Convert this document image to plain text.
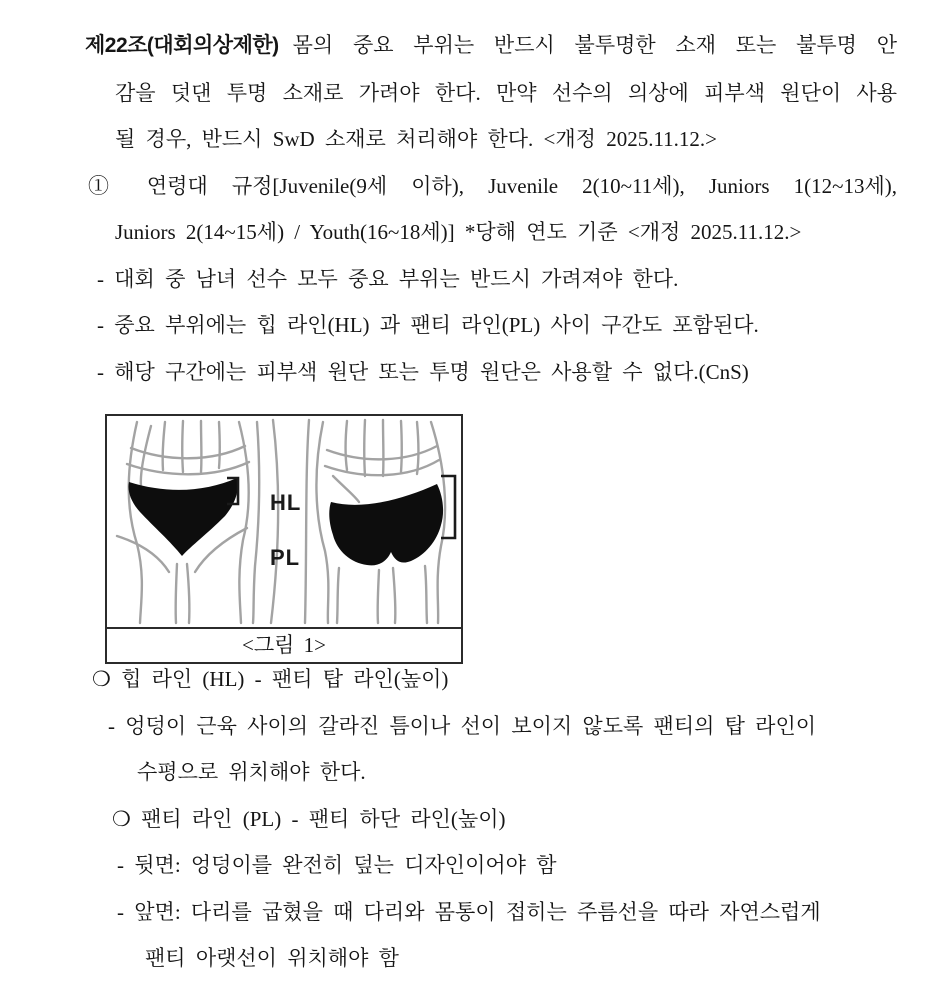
제22조(대회의상제한) 몸의 중요 부위는 반드시 불투명한 소재 또는 불투명 안
감을 덧댄 투명 소재로 가려야 한다. 만약 선수의 의상에 피부색 원단이 사용
될 경우, 반드시 SwD 소재로 처리해야 한다. <개정 2025.11.12.>
① 연령대 규정[Juvenile(9세 이하), Juvenile 2(10~11세), Juniors 1(12~13세),
Juniors 2(14~15세) / Youth(16~18세)] *당해 연도 기준 <개정 2025.11.12.>
- 대회 중 남녀 선수 모두 중요 부위는 반드시 가려져야 한다.
- 중요 부위에는 힙 라인(HL) 과 팬티 라인(PL) 사이 구간도 포함된다.
- 해당 구간에는 피부색 원단 또는 투명 원단은 사용할 수 없다.(CnS)
HL
PL
<그림 1>
❍ 힙 라인 (HL) - 팬티 탑 라인(높이)
- 엉덩이 근육 사이의 갈라진 틈이나 선이 보이지 않도록 팬티의 탑 라인이
수평으로 위치해야 한다.
❍ 팬티 라인 (PL) - 팬티 하단 라인(높이)
- 뒷면: 엉덩이를 완전히 덮는 디자인이어야 함
- 앞면: 다리를 굽혔을 때 다리와 몸통이 접히는 주름선을 따라 자연스럽게
팬티 아랫선이 위치해야 함
